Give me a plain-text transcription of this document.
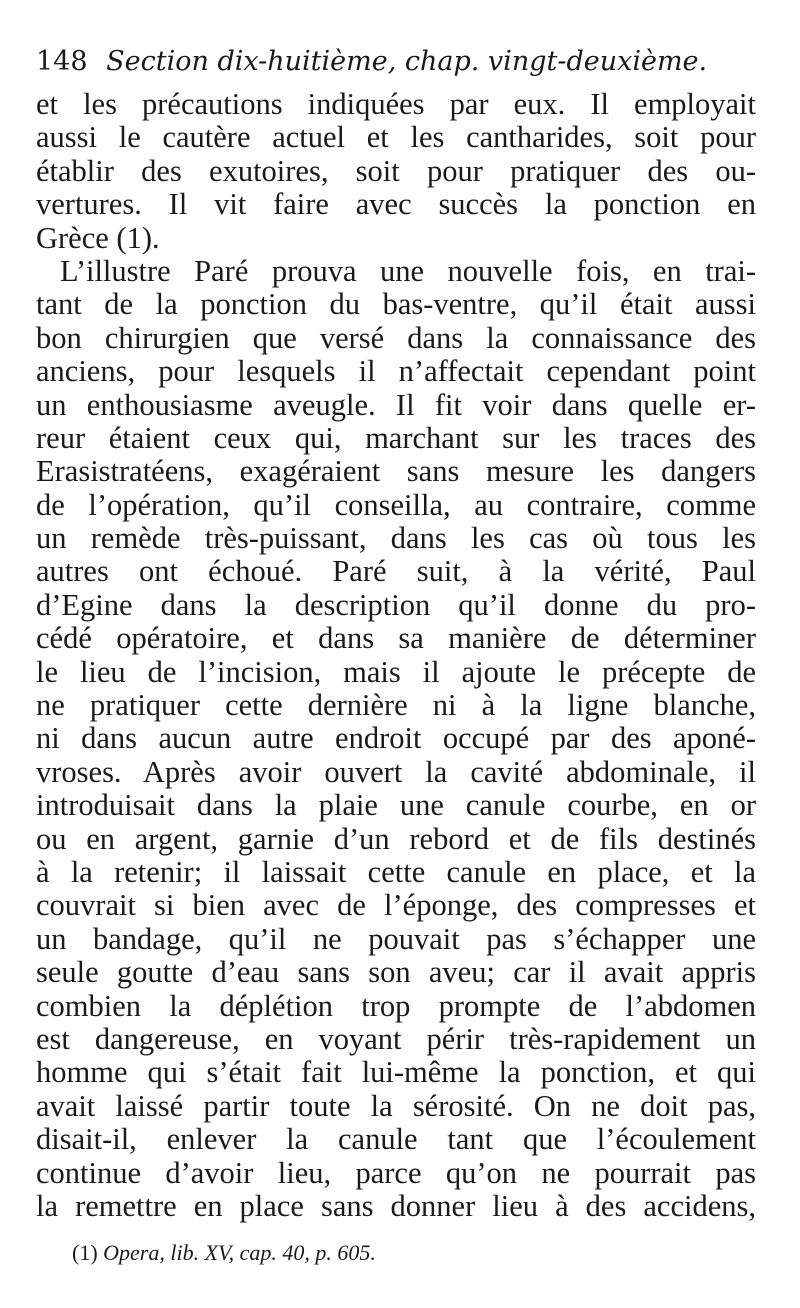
148 Section dix-huitième, chap. vingt-deuxième.
et les précautions indiquées par eux. Il employait
aussi le cautère actuel et les cantharides, soit pour
établir des exutoires, soit pour pratiquer des ou-
vertures. Il vit faire avec succès la ponction en
Grèce (1).
L’illustre Paré prouva une nouvelle fois, en trai-
tant de la ponction du bas-ventre, qu’il était aussi
bon chirurgien que versé dans la connaissance des
anciens, pour lesquels il n’affectait cependant point
un enthousiasme aveugle. Il fit voir dans quelle er-
reur étaient ceux qui, marchant sur les traces des
Erasistratéens, exagéraient sans mesure les dangers
de l’opération, qu’il conseilla, au contraire, comme
un remède très-puissant, dans les cas où tous les
autres ont échoué. Paré suit, à la vérité, Paul
d’Egine dans la description qu’il donne du pro-
cédé opératoire, et dans sa manière de déterminer
le lieu de l’incision, mais il ajoute le précepte de
ne pratiquer cette dernière ni à la ligne blanche,
ni dans aucun autre endroit occupé par des aponé-
vroses. Après avoir ouvert la cavité abdominale, il
introduisait dans la plaie une canule courbe, en or
ou en argent, garnie d’un rebord et de fils destinés
à la retenir; il laissait cette canule en place, et la
couvrait si bien avec de l’éponge, des compresses et
un bandage, qu’il ne pouvait pas s’échapper une
seule goutte d’eau sans son aveu; car il avait appris
combien la déplétion trop prompte de l’abdomen
est dangereuse, en voyant périr très-rapidement un
homme qui s’était fait lui-même la ponction, et qui
avait laissé partir toute la sérosité. On ne doit pas,
disait-il, enlever la canule tant que l’écoulement
continue d’avoir lieu, parce qu’on ne pourrait pas
la remettre en place sans donner lieu à des accidens,
(1) Opera, lib. XV, cap. 40, p. 605.
